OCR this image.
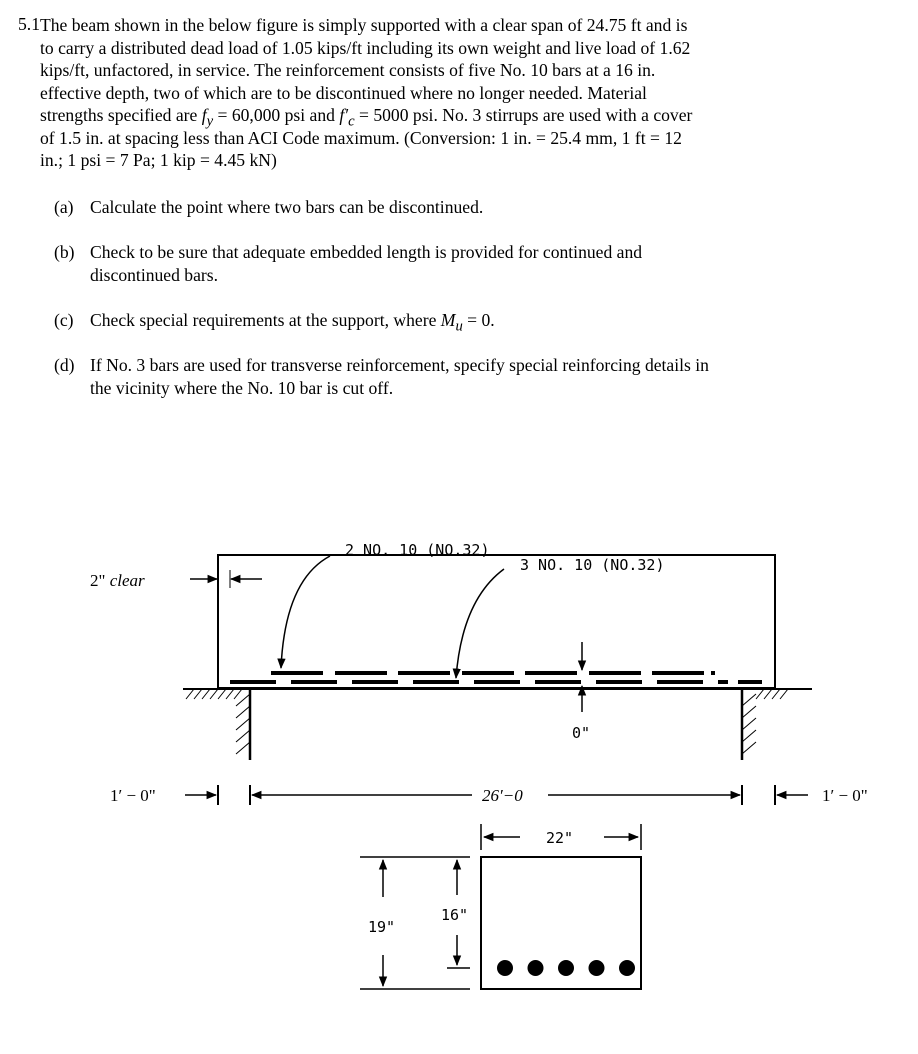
5.1 The beam shown in the below figure is simply supported with a clear span of 24.75 ft and is
to carry a distributed dead load of 1.05 kips/ft including its own weight and live load of 1.62
kips/ft, unfactored, in service. The reinforcement consists of five No. 10 bars at a 16 in.
effective depth, two of which are to be discontinued where no longer needed. Material
strengths specified are $f_y = 60,000$ psi and $f'_c = 5000$ psi. No. 3 stirrups are used with a cover
of 1.5 in. at spacing less than ACI Code maximum. (Conversion: 1 in. = 25.4 mm, 1 ft = 12
in.; 1 psi = 7 Pa; 1 kip = 4.45 kN)
(a) Calculate the point where two bars can be discontinued.
(b) Check to be sure that adequate embedded length is provided for continued and
discontinued bars.
(c) Check special requirements at the support, where $M_u = 0$.
(d) If No. 3 bars are used for transverse reinforcement, specify special reinforcing details in
the vicinity where the No. 10 bar is cut off.
2" clear
2 NO. 10 (NO.32)
3 NO. 10 (NO.32)
0"
1′ − 0"	26′−0	1′ − 0"
22"
19"
16"
